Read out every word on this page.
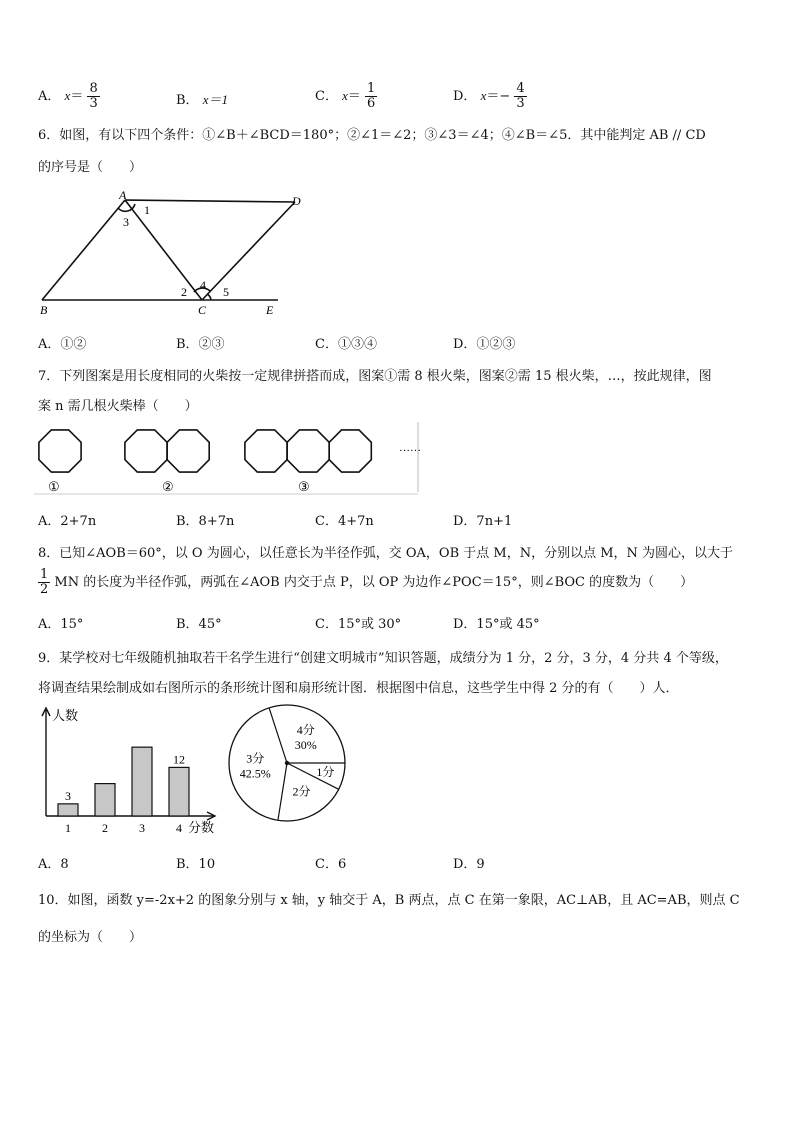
A． $x= \frac{8}{3}$	B． x＝1	C． $x= \frac{1}{6}$	D． $x=- \frac{4}{3}$
6．如图，有以下四个条件：①∠B＋∠BCD＝180°；②∠1＝∠2；③∠3＝∠4；④∠B＝∠5．其中能判定 AB // CD
的序号是（　　）
A	D
B	C	E
1
2
3
4 5
A．①②	B．②③	C．①③④	D．①②③
7．下列图案是用长度相同的火柴按一定规律拼搭而成，图案①需 8 根火柴，图案②需 15 根火柴，…，按此规律，图
案 n 需几根火柴棒（　　）
①	②	③
……
A．2+7n	B．8+7n	C．4+7n	D．7n+1
8．已知∠AOB＝60°，以 O 为圆心，以任意长为半径作弧，交 OA，OB 于点 M，N，分别以点 M，N 为圆心，以大于
$\frac{1}{2}$ MN 的长度为半径作弧，两弧在∠AOB 内交于点 P，以 OP 为边作∠POC＝15°，则∠BOC 的度数为（　　）
A．15°	B．45°	C．15°或 30°	D．15°或 45°
9．某学校对七年级随机抽取若干名学生进行“创建文明城市”知识答题，成绩分为 1 分，2 分，3 分，4 分共 4 个等级，
将调查结果绘制成如右图所示的条形统计图和扇形统计图．根据图中信息，这些学生中得 2 分的有（　　）人．
人数
分数
1
3
2	3	4
12
4分
30%
1分
2分
3分
42.5%
A．8	B．10	C．6	D．9
10．如图，函数 y=-2x+2 的图象分别与 x 轴，y 轴交于 A，B 两点，点 C 在第一象限，AC⊥AB，且 AC=AB，则点 C
的坐标为（　　）
